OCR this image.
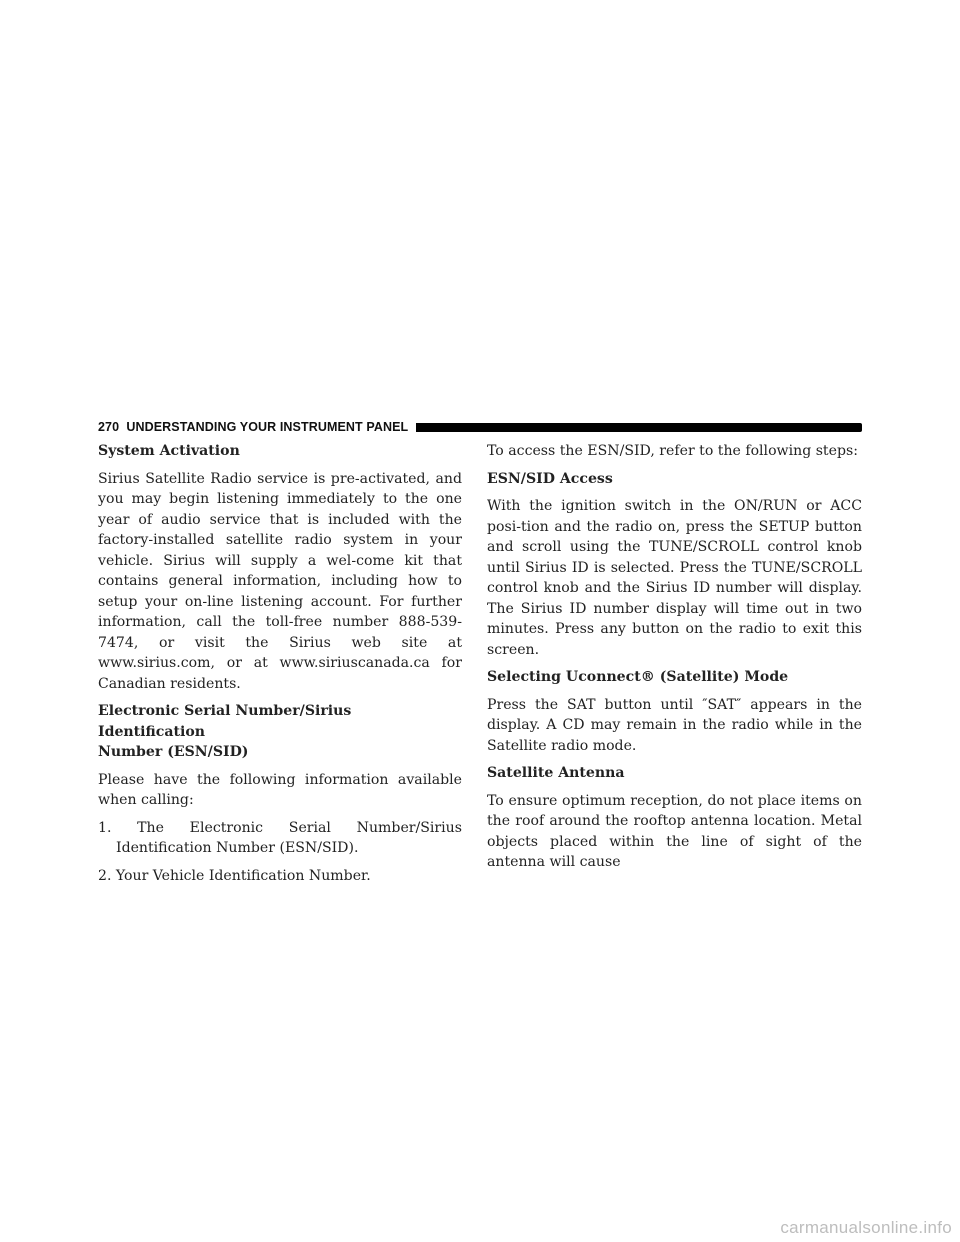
270 UNDERSTANDING YOUR INSTRUMENT PANEL
System Activation

Sirius Satellite Radio service is pre-activated, and you may begin listening immediately to the one year of audio service that is included with the factory-installed satellite radio system in your vehicle. Sirius will supply a wel-come kit that contains general information, including how to setup your on-line listening account. For further information, call the toll-free number 888-539-7474, or visit the Sirius web site at www.sirius.com, or at www.siriuscanada.ca for Canadian residents.

Electronic Serial Number/Sirius Identification
Number (ESN/SID)

Please have the following information available when calling:

1. The Electronic Serial Number/Sirius Identification Number (ESN/SID).
2. Your Vehicle Identification Number.

To access the ESN/SID, refer to the following steps:

ESN/SID Access

With the ignition switch in the ON/RUN or ACC posi-tion and the radio on, press the SETUP button and scroll using the TUNE/SCROLL control knob until Sirius ID is selected. Press the TUNE/SCROLL control knob and the Sirius ID number will display. The Sirius ID number display will time out in two minutes. Press any button on the radio to exit this screen.

Selecting Uconnect® (Satellite) Mode

Press the SAT button until ″SAT″ appears in the display. A CD may remain in the radio while in the Satellite radio mode.

Satellite Antenna

To ensure optimum reception, do not place items on the roof around the rooftop antenna location. Metal objects placed within the line of sight of the antenna will cause

carmanualsonline.info
